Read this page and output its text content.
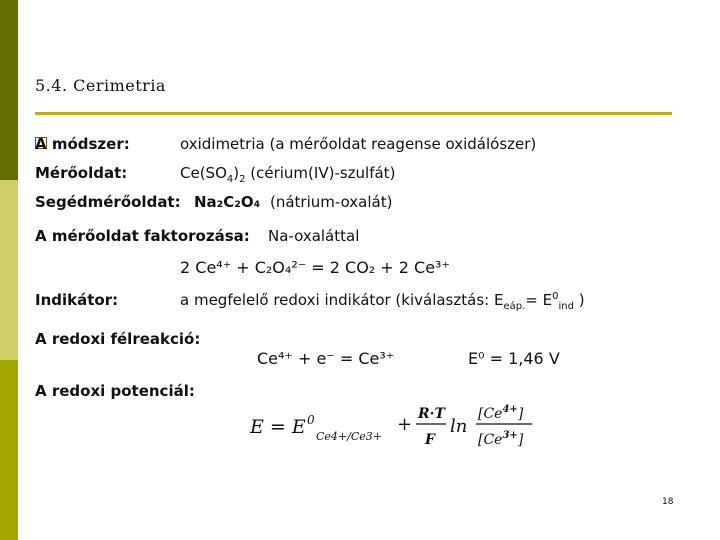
5.4. Cerimetria
A módszer:	oxidimetria (a mérőoldat reagense oxidálószer)
Mérőoldat:	$Ce(SO_4)_2$ (cérium(IV)-szulfát)
Segédmérőoldat: Na₂C₂O₄ (nátrium-oxalát)
A mérőoldat faktorozása: Na-oxaláttal
2 Ce⁴⁺ + C₂O₄²⁻ = 2 CO₂ + 2 Ce³⁺
Indikátor:	a megfelelő redoxi indikátor (kiválasztás: $E_{eáp.}= E^0_{ind}$ )
A redoxi félreakció:
Ce⁴⁺ + e⁻ = Ce³⁺	E⁰ = 1,46 V
A redoxi potenciál:
E = E 0
Ce4+/Ce3+
+ R·T
F
ln
$[Ce^{4+}]$
$[Ce^{3+}]$
18
